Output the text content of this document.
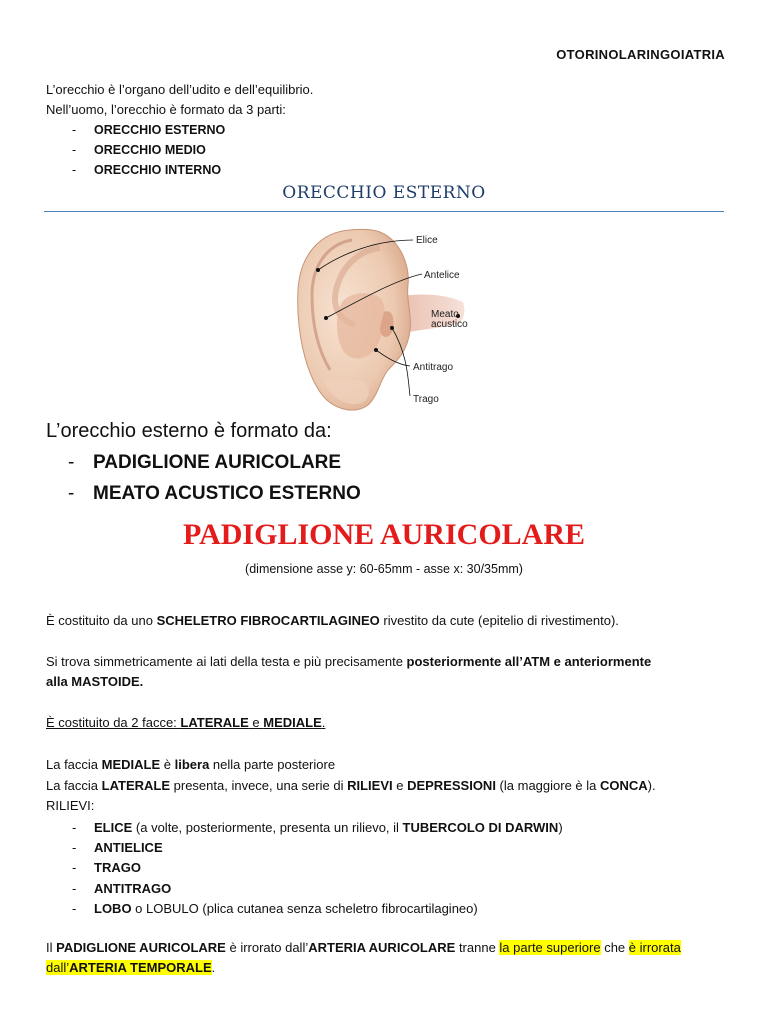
OTORINOLARINGOIATRIA
L’orecchio è l’organo dell’udito e dell’equilibrio.
Nell’uomo, l’orecchio è formato da 3 parti:
- ORECCHIO ESTERNO
- ORECCHIO MEDIO
- ORECCHIO INTERNO
ORECCHIO ESTERNO
Elice
Antelice
Meato
acustico
Antitrago
Trago
L’orecchio esterno è formato da:
- PADIGLIONE AURICOLARE
- MEATO ACUSTICO ESTERNO
PADIGLIONE AURICOLARE
(dimensione asse y: 60-65mm - asse x: 30/35mm)
È costituito da uno SCHELETRO FIBROCARTILAGINEO rivestito da cute (epitelio di rivestimento).
Si trova simmetricamente ai lati della testa e più precisamente posteriormente all’ATM e anteriormente
alla MASTOIDE.
È costituito da 2 facce: LATERALE e MEDIALE.
La faccia MEDIALE è libera nella parte posteriore
La faccia LATERALE presenta, invece, una serie di RILIEVI e DEPRESSIONI (la maggiore è la CONCA).
RILIEVI:
- ELICE (a volte, posteriormente, presenta un rilievo, il TUBERCOLO DI DARWIN)
- ANTIELICE
- TRAGO
- ANTITRAGO
- LOBO o LOBULO (plica cutanea senza scheletro fibrocartilagineo)
Il PADIGLIONE AURICOLARE è irrorato dall’ARTERIA AURICOLARE tranne la parte superiore che è irrorata
dall’ARTERIA TEMPORALE.
